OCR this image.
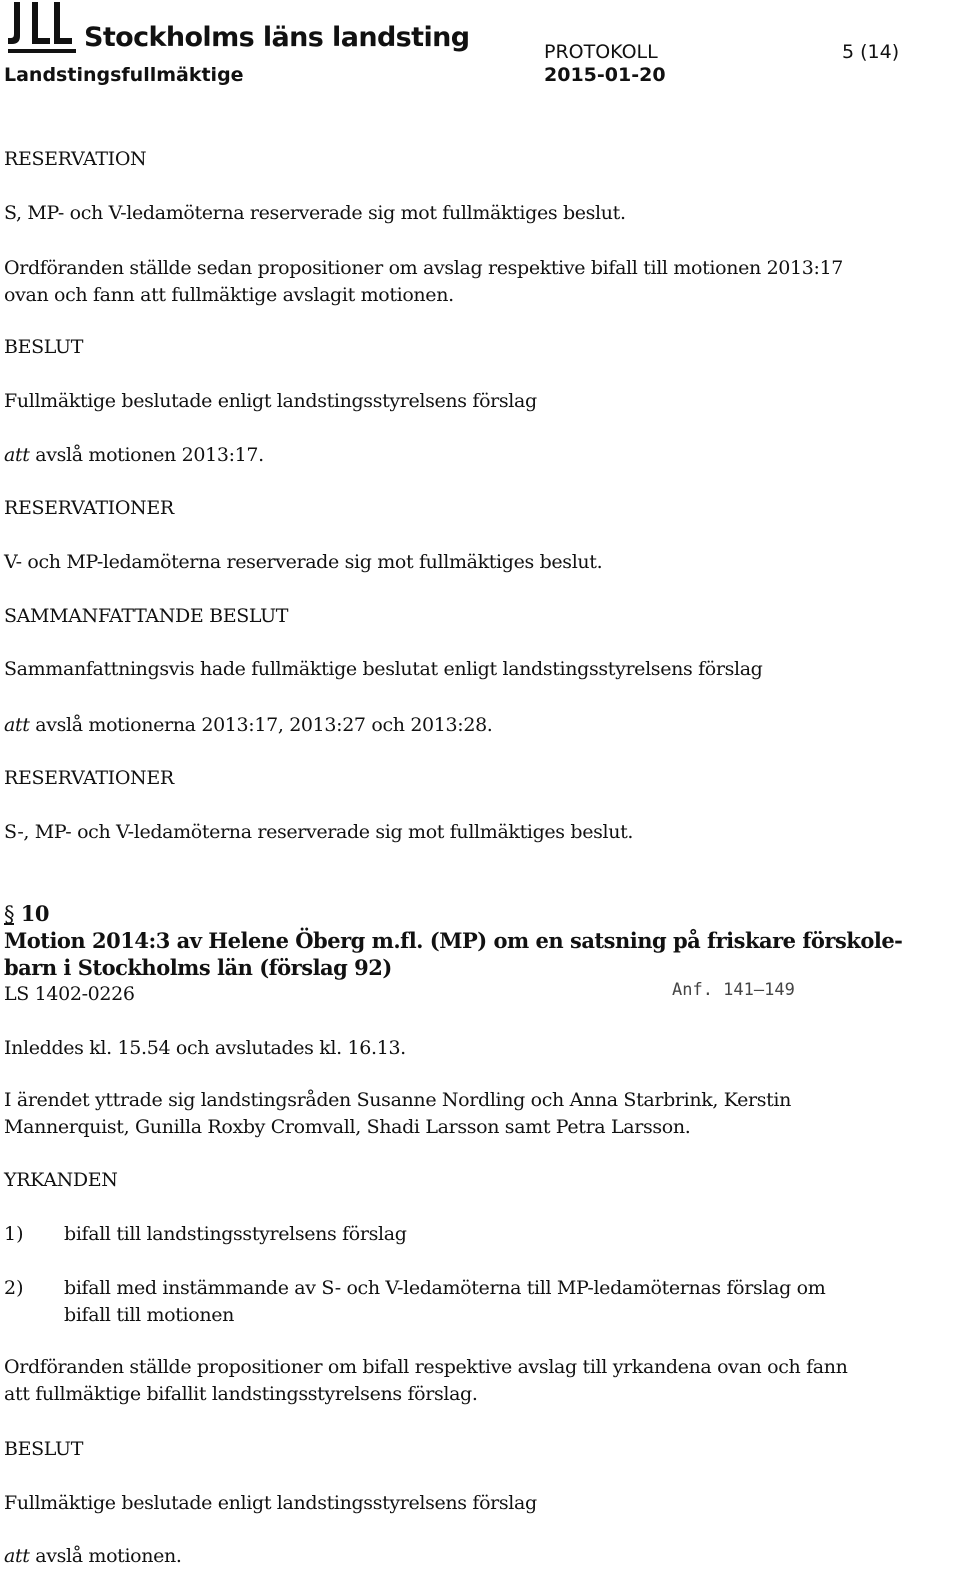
Stockholms läns landsting
Landstingsfullmäktige
PROTOKOLL	5 (14)
2015-01-20
RESERVATION
S, MP- och V-ledamöterna reserverade sig mot fullmäktiges beslut.
Ordföranden ställde sedan propositioner om avslag respektive bifall till motionen 2013:17
ovan och fann att fullmäktige avslagit motionen.
BESLUT
Fullmäktige beslutade enligt landstingsstyrelsens förslag
att avslå motionen 2013:17.
RESERVATIONER
V- och MP-ledamöterna reserverade sig mot fullmäktiges beslut.
SAMMANFATTANDE BESLUT
Sammanfattningsvis hade fullmäktige beslutat enligt landstingsstyrelsens förslag
att avslå motionerna 2013:17, 2013:27 och 2013:28.
RESERVATIONER
S-, MP- och V-ledamöterna reserverade sig mot fullmäktiges beslut.
§ 10
Motion 2014:3 av Helene Öberg m.fl. (MP) om en satsning på friskare förskole-
barn i Stockholms län (förslag 92)
LS 1402-0226	Anf. 141–149
Inleddes kl. 15.54 och avslutades kl. 16.13.
I ärendet yttrade sig landstingsråden Susanne Nordling och Anna Starbrink, Kerstin
Mannerquist, Gunilla Roxby Cromvall, Shadi Larsson samt Petra Larsson.
YRKANDEN
1) bifall till landstingsstyrelsens förslag
2) bifall med instämmande av S- och V-ledamöterna till MP-ledamöternas förslag om
bifall till motionen
Ordföranden ställde propositioner om bifall respektive avslag till yrkandena ovan och fann
att fullmäktige bifallit landstingsstyrelsens förslag.
BESLUT
Fullmäktige beslutade enligt landstingsstyrelsens förslag
att avslå motionen.
